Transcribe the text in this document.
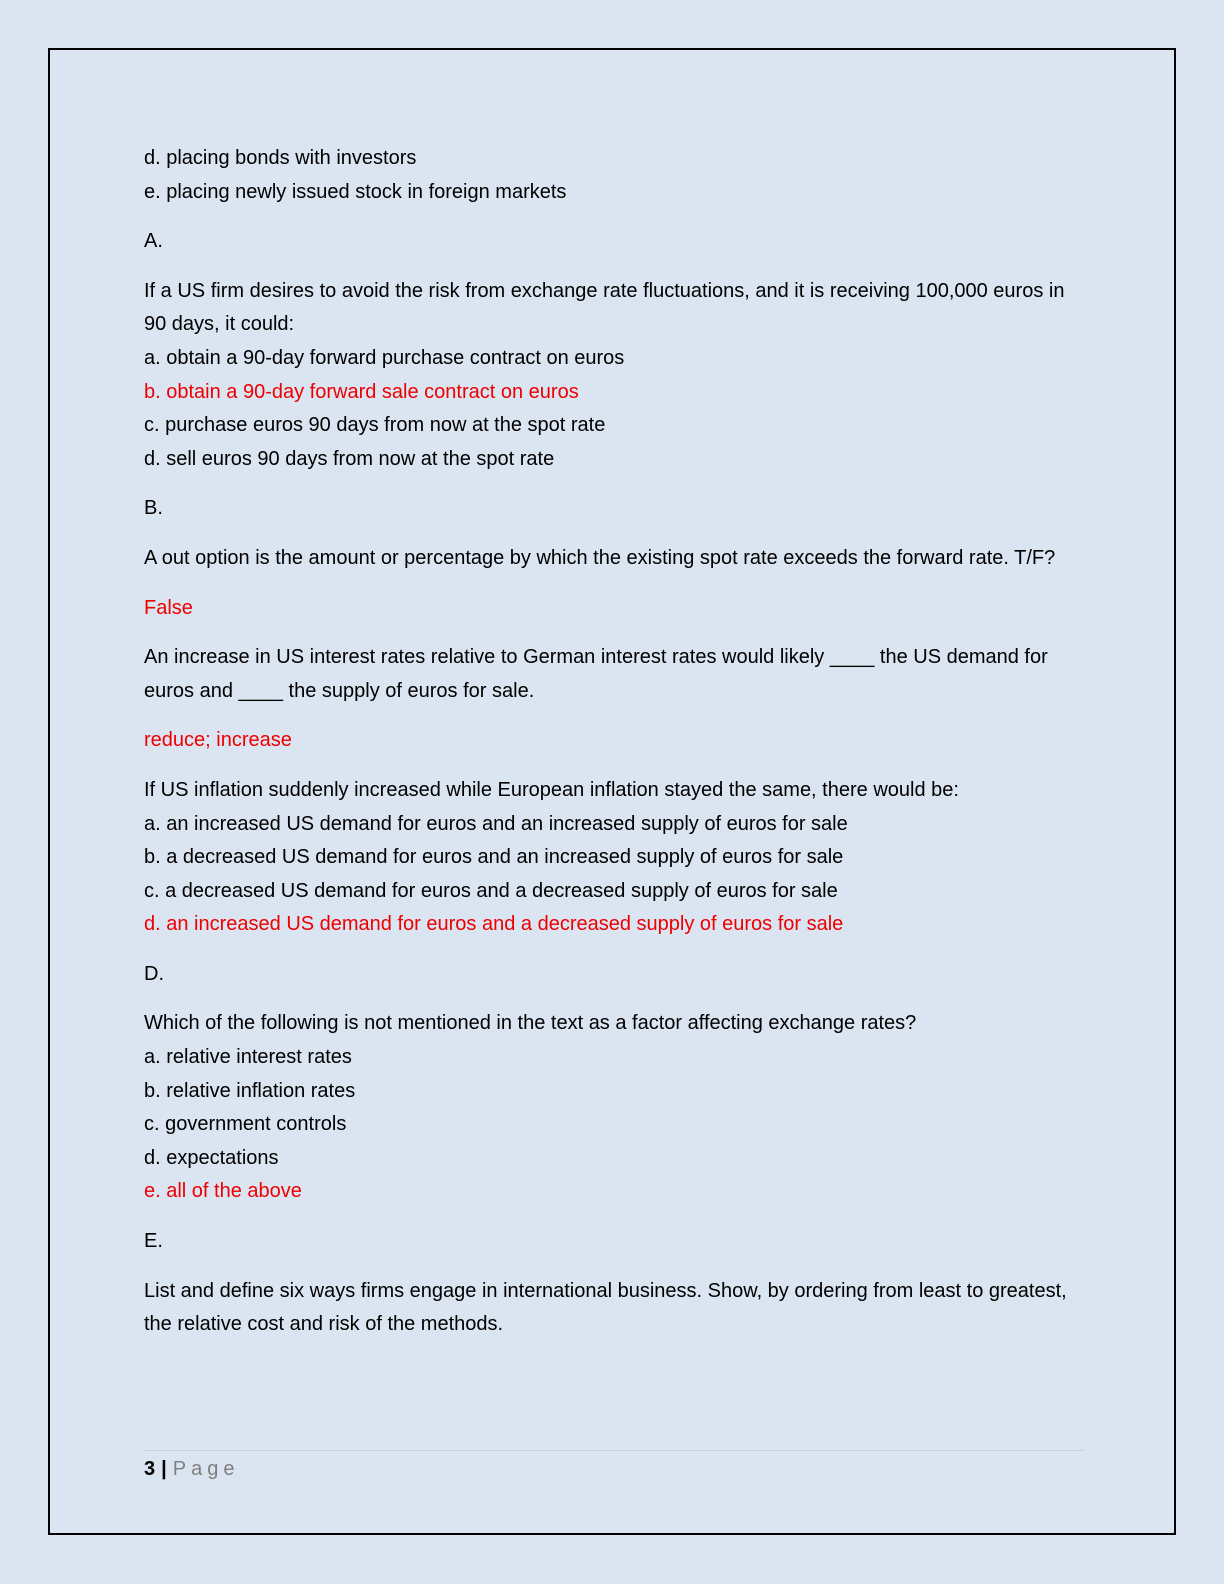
d. placing bonds with investors

e. placing newly issued stock in foreign markets

A.

If a US firm desires to avoid the risk from exchange rate fluctuations, and it is receiving 100,000 euros in 90 days, it could:

a. obtain a 90-day forward purchase contract on euros

b. obtain a 90-day forward sale contract on euros

c. purchase euros 90 days from now at the spot rate

d. sell euros 90 days from now at the spot rate

B.

A out option is the amount or percentage by which the existing spot rate exceeds the forward rate. T/F?

False

An increase in US interest rates relative to German interest rates would likely ____ the US demand for euros and ____ the supply of euros for sale.

reduce; increase

If US inflation suddenly increased while European inflation stayed the same, there would be:

a. an increased US demand for euros and an increased supply of euros for sale

b. a decreased US demand for euros and an increased supply of euros for sale

c. a decreased US demand for euros and a decreased supply of euros for sale

d. an increased US demand for euros and a decreased supply of euros for sale

D.

Which of the following is not mentioned in the text as a factor affecting exchange rates?

a. relative interest rates

b. relative inflation rates

c. government controls

d. expectations

e. all of the above

E.

List and define six ways firms engage in international business. Show, by ordering from least to greatest, the relative cost and risk of the methods.

3 | Page
